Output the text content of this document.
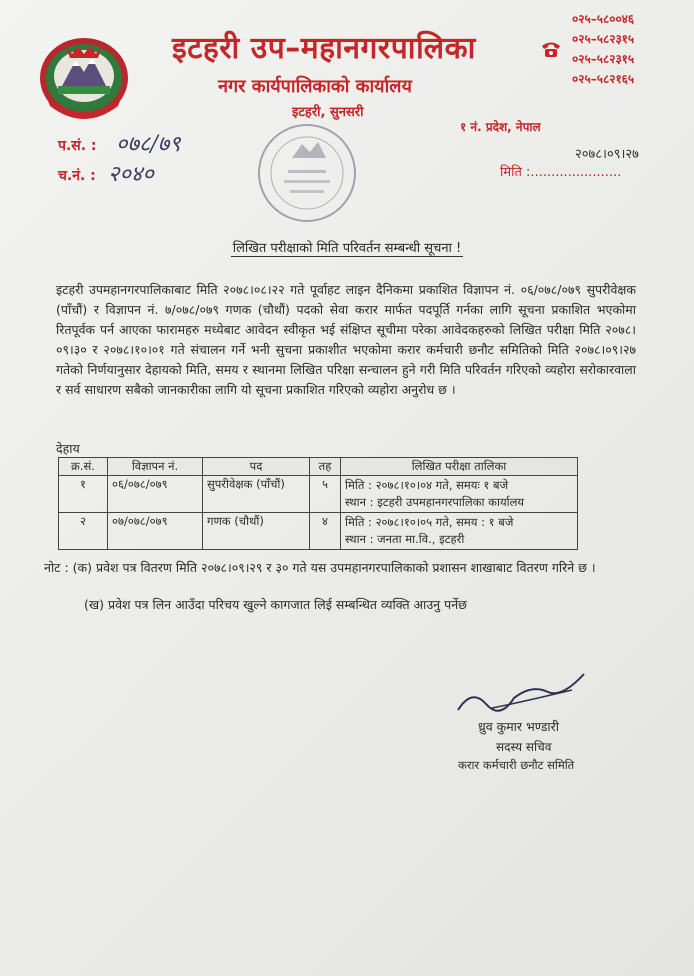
इटहरी उप–महानगरपालिका
नगर कार्यपालिकाको कार्यालय
इटहरी, सुनसरी
०२५–५८००४६
०२५–५८२३१५
०२५–५८२३१५
०२५–५८२१६५
१ नं. प्रदेश, नेपाल
प.सं. : ०७८/७९
च.नं. : २०४०
२०७८।०९।२७
मिति :......................
लिखित परीक्षाको मिति परिवर्तन सम्बन्धी सूचना !
इटहरी उपमहानगरपालिकाबाट मिति २०७८।०८।२२ गते पूर्वाहट लाइन दैनिकमा प्रकाशित विज्ञापन नं. ०६/०७८/०७९ सुपरीवेक्षक (पाँचौं) र विज्ञापन नं. ७/०७८/०७९ गणक (चौथौं) पदको सेवा करार मार्फत पदपूर्ति गर्नका लागि सूचना प्रकाशित भएकोमा रितपूर्वक पर्न आएका फारामहरु मध्येबाट आवेदन स्वीकृत भई संक्षिप्त सूचीमा परेका आवेदकहरुको लिखित परीक्षा मिति २०७८।०९।३० र २०७८।१०।०१ गते संचालन गर्ने भनी सुचना प्रकाशीत भएकोमा करार कर्मचारी छनौट समितिको मिति २०७८।०९।२७ गतेको निर्णयानुसार देहायको मिति, समय र स्थानमा लिखित परिक्षा सन्चालन हुने गरी मिति परिवर्तन गरिएको व्यहोरा सरोकारवाला र सर्व साधारण सबैको जानकारीका लागि यो सूचना प्रकाशित गरिएको व्यहोरा अनुरोध छ ।
देहाय
क्र.सं.	विज्ञापन नं.	पद	तह	लिखित परीक्षा तालिका
१	०६/०७८/०७९	सुपरीवेक्षक (पाँचौं)	५	मिति : २०७८।१०।०४ गते, समयः १ बजे
स्थान : इटहरी उपमहानगरपालिका कार्यालय

२	०७/०७८/०७९	गणक (चौथौं)	४	मिति : २०७८।१०।०५ गते, समय : १ बजे
स्थान : जनता मा.वि., इटहरी
नोट : (क) प्रवेश पत्र वितरण मिति २०७८।०९।२९ र ३० गते यस उपमहानगरपालिकाको प्रशासन शाखाबाट वितरण गरिने छ ।
(ख) प्रवेश पत्र लिन आउँदा परिचय खुल्ने कागजात लिई सम्बन्धित व्यक्ति आउनु पर्नेछ
ध्रुव कुमार भण्डारी
सदस्य सचिव
करार कर्मचारी छनौट समिति
